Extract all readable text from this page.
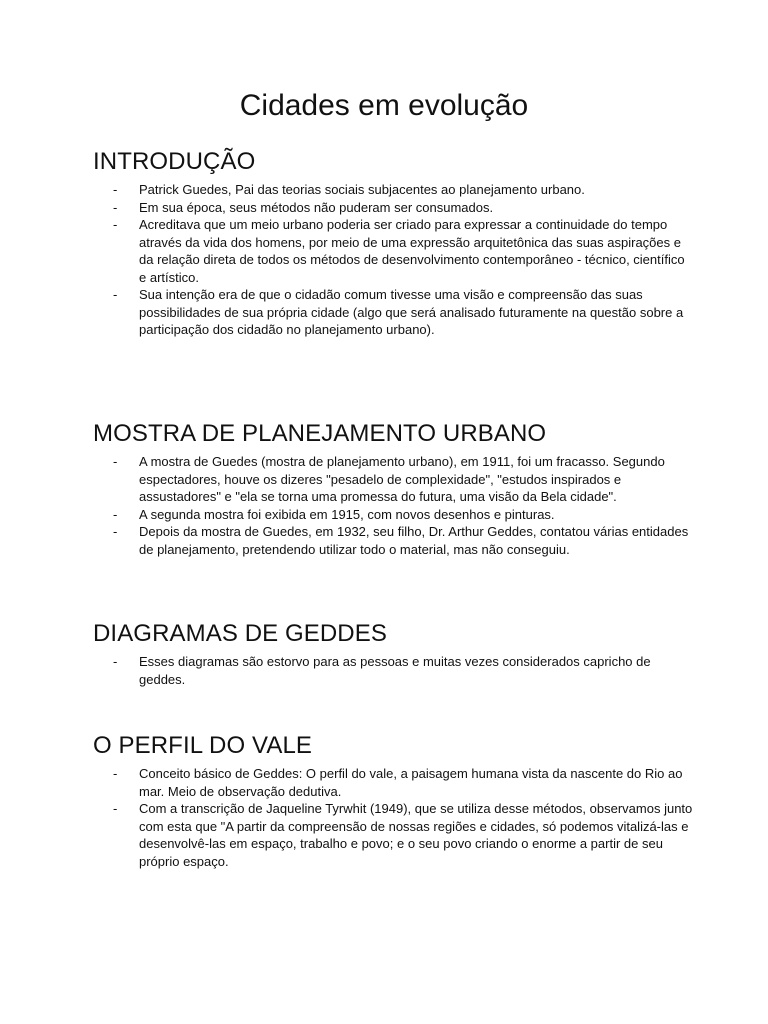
Cidades em evolução
INTRODUÇÃO
- Patrick Guedes, Pai das teorias sociais subjacentes ao planejamento urbano.
- Em sua época, seus métodos não puderam ser consumados.
- Acreditava que um meio urbano poderia ser criado para expressar a continuidade do tempo através da vida dos homens, por meio de uma expressão arquitetônica das suas aspirações e da relação direta de todos os métodos de desenvolvimento contemporâneo - técnico, científico e artístico.
- Sua intenção era de que o cidadão comum tivesse uma visão e compreensão das suas possibilidades de sua própria cidade (algo que será analisado futuramente na questão sobre a participação dos cidadão no planejamento urbano).
MOSTRA DE PLANEJAMENTO URBANO
- A mostra de Guedes (mostra de planejamento urbano), em 1911, foi um fracasso. Segundo espectadores, houve os dizeres "pesadelo de complexidade", "estudos inspirados e assustadores" e "ela se torna uma promessa do futura, uma visão da Bela cidade".
- A segunda mostra foi exibida em 1915, com novos desenhos e pinturas.
- Depois da mostra de Guedes, em 1932, seu filho, Dr. Arthur Geddes, contatou várias entidades de planejamento, pretendendo utilizar todo o material, mas não conseguiu.
DIAGRAMAS DE GEDDES
- Esses diagramas são estorvo para as pessoas e muitas vezes considerados capricho de geddes.
O PERFIL DO VALE
- Conceito básico de Geddes: O perfil do vale, a paisagem humana vista da nascente do Rio ao mar. Meio de observação dedutiva.
- Com a transcrição de Jaqueline Tyrwhit (1949), que se utiliza desse métodos, observamos junto com esta que "A partir da compreensão de nossas regiões e cidades, só podemos vitalizá-las e desenvolvê-las em espaço, trabalho e povo; e o seu povo criando o enorme a partir de seu próprio espaço.
